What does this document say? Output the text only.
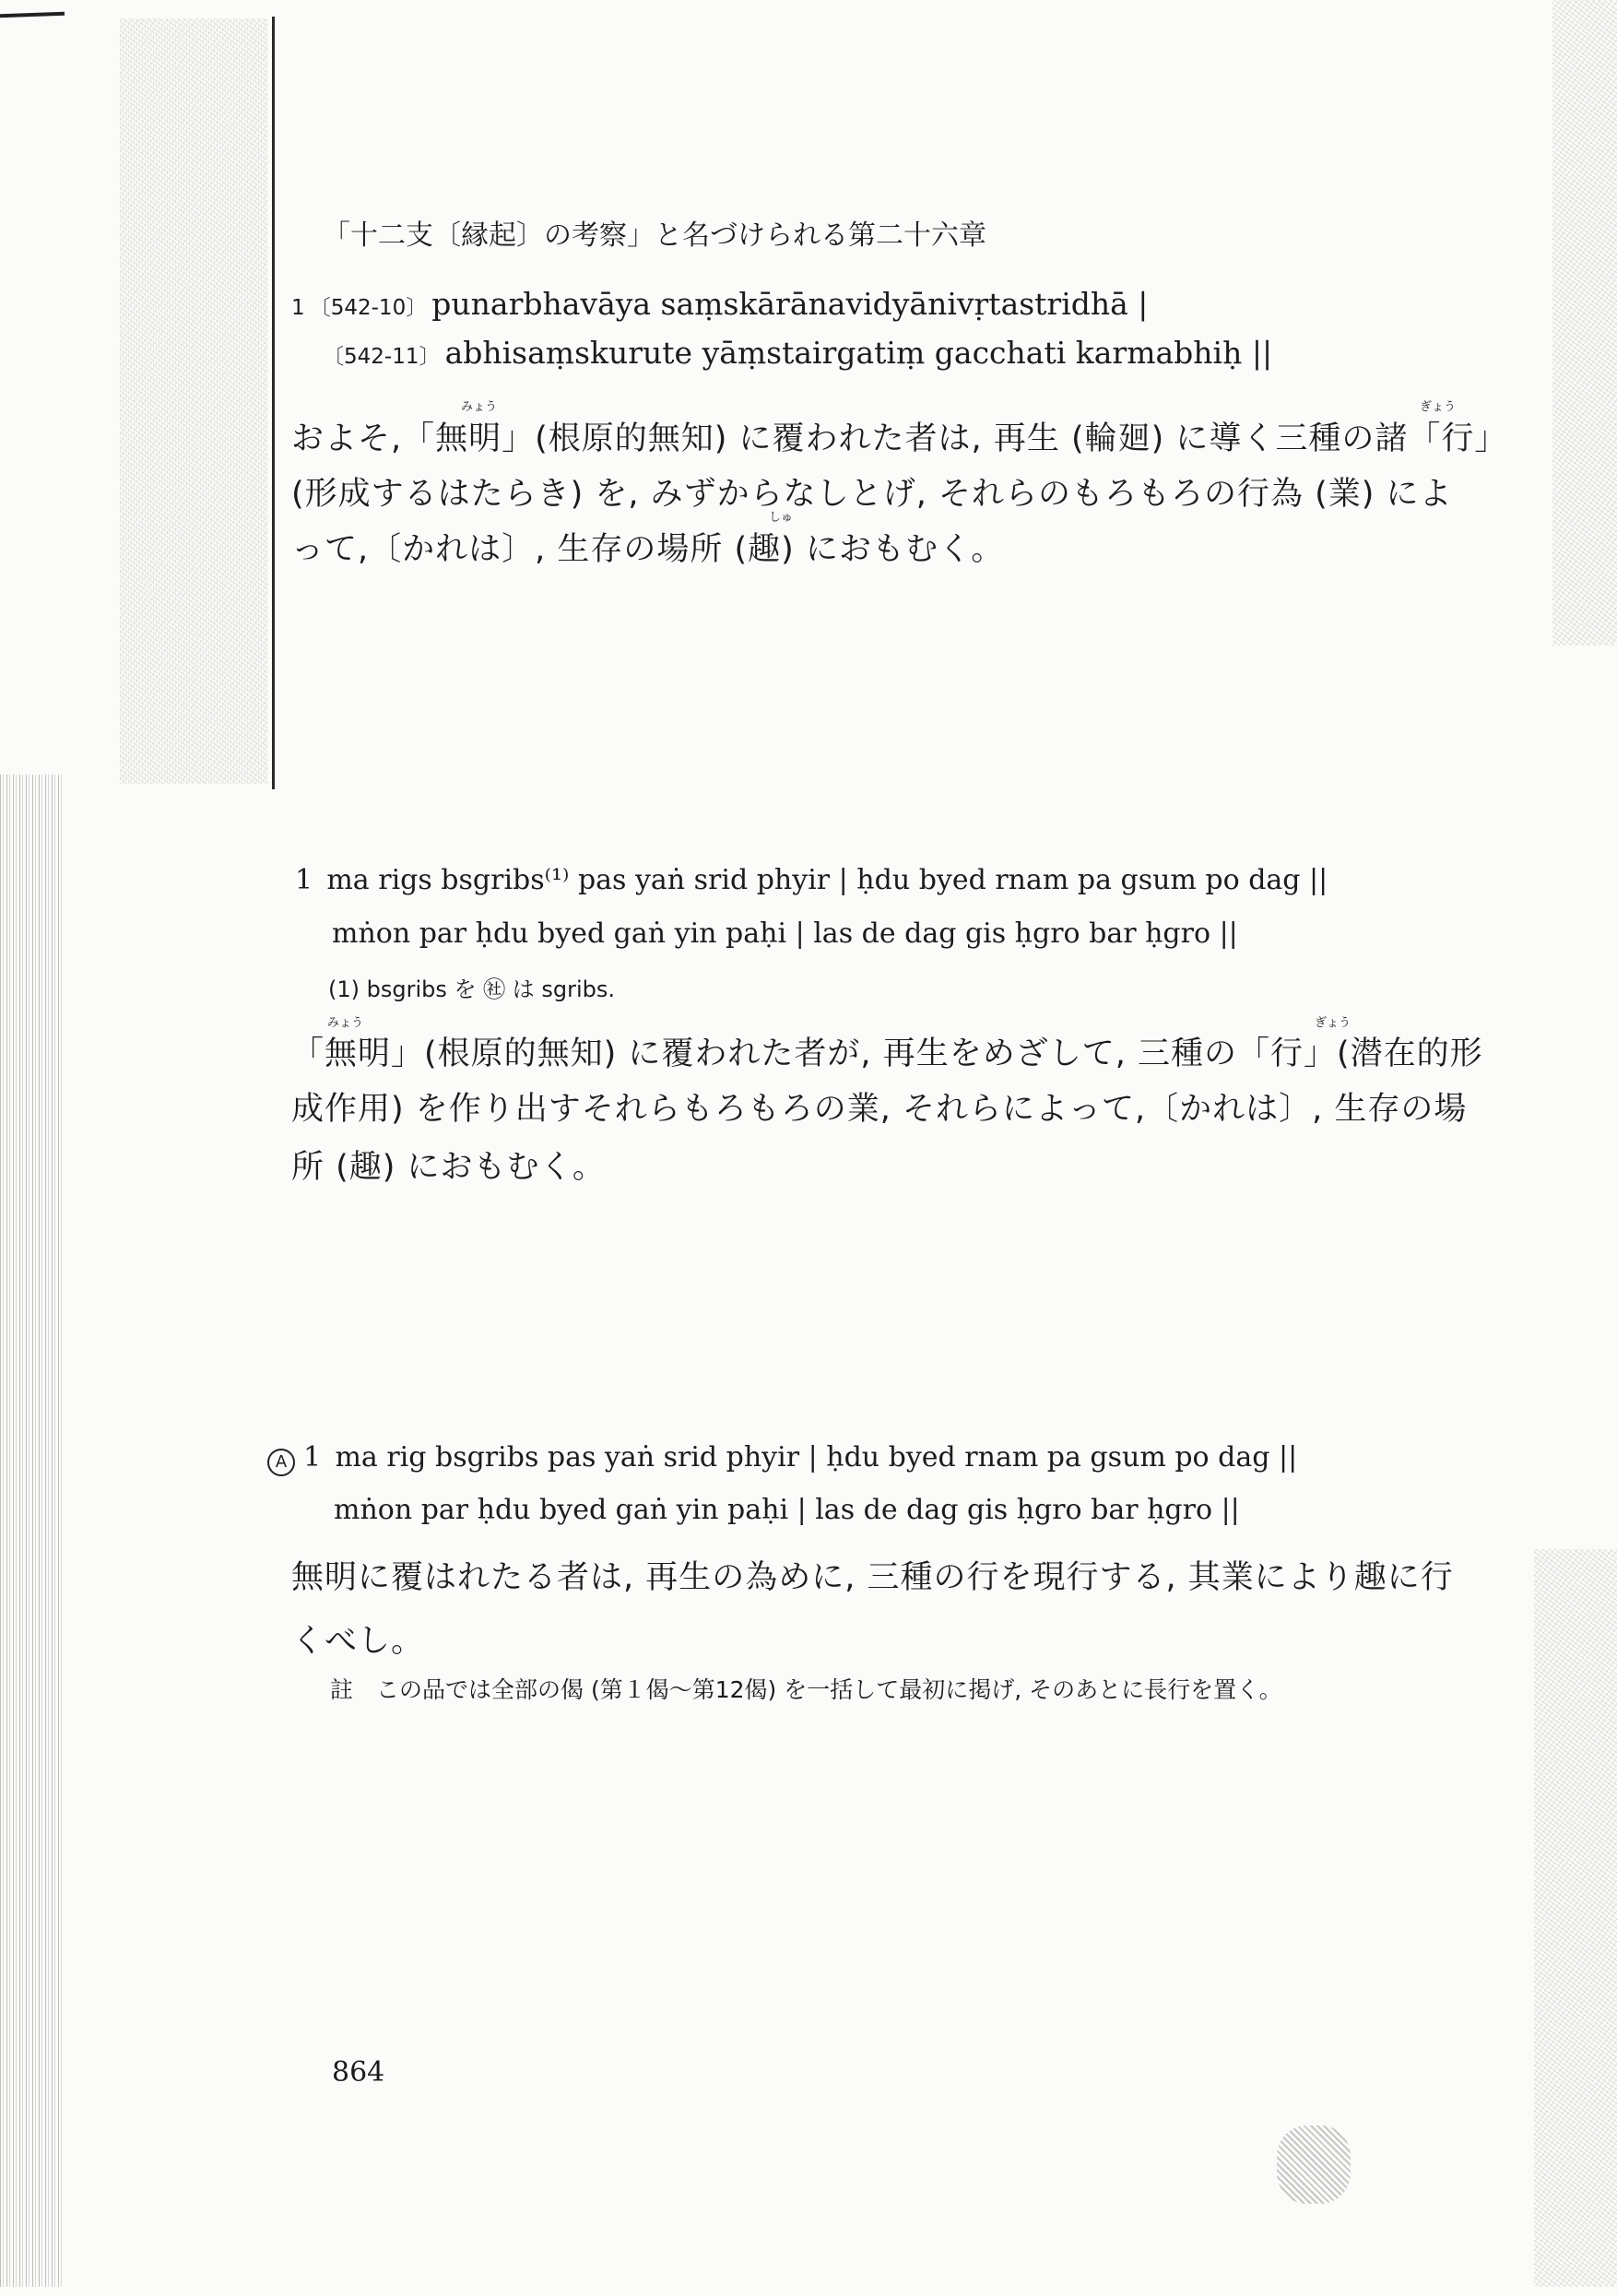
「十二支〔縁起〕の考察」と名づけられる第二十六章
1 〔542-10〕 punarbhavāya saṃskārānavidyānivṛtastridhā |
〔542-11〕 abhisaṃskurute yāṃstairgatiṃ gacchati karmabhiḥ ||
みょう	ぎょう
しゅ
およそ,「無明」(根原的無知) に覆われた者は, 再生 (輪廻) に導く三種の諸「行」
(形成するはたらき) を, みずからなしとげ, それらのもろもろの行為 (業) によ
って,〔かれは〕, 生存の場所 (趣) におもむく。
1 ma rigs bsgribs⁽¹⁾ pas yaṅ srid phyir | ḥdu byed rnam pa gsum po dag ||
mṅon par ḥdu byed gaṅ yin paḥi | las de dag gis ḥgro bar ḥgro ||
(1) bsgribs を ㊓ は sgribs.
みょう	ぎょう
「無明」(根原的無知) に覆われた者が, 再生をめざして, 三種の「行」(潜在的形
成作用) を作り出すそれらもろもろの業, それらによって,〔かれは〕, 生存の場
所 (趣) におもむく。
A 1 ma rig bsgribs pas yaṅ srid phyir | ḥdu byed rnam pa gsum po dag ||
mṅon par ḥdu byed gaṅ yin paḥi | las de dag gis ḥgro bar ḥgro ||
無明に覆はれたる者は, 再生の為めに, 三種の行を現行する, 其業により趣に行
くべし。
註　この品では全部の偈 (第１偈〜第12偈) を一括して最初に掲げ, そのあとに長行を置く。
864
